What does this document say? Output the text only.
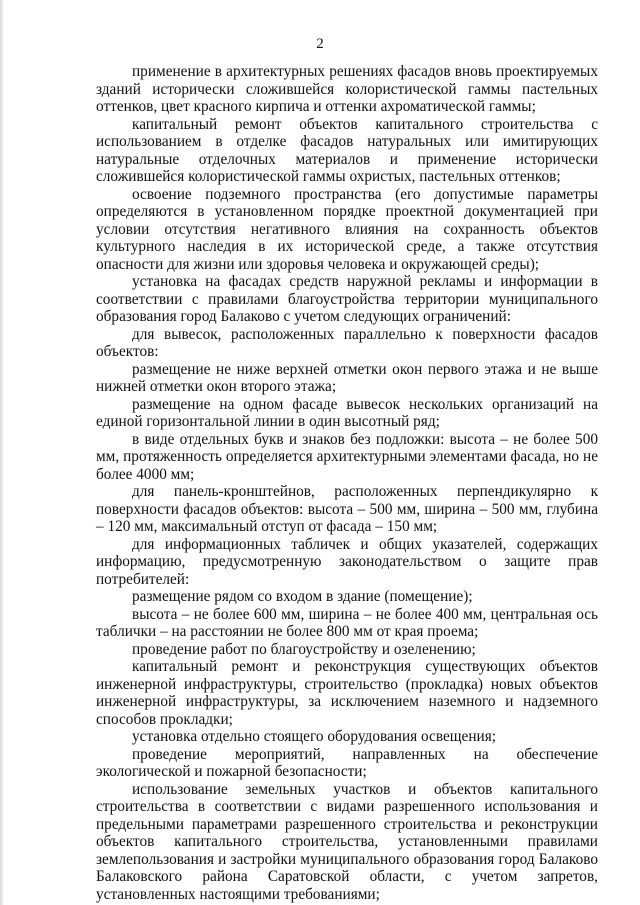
2

применение в архитектурных решениях фасадов вновь проектируемых зданий исторически сложившейся колористической гаммы пастельных оттенков, цвет красного кирпича и оттенки ахроматической гаммы;

капитальный ремонт объектов капитального строительства с использованием в отделке фасадов натуральных или имитирующих натуральные отделочных материалов и применение исторически сложившейся колористической гаммы охристых, пастельных оттенков;

освоение подземного пространства (его допустимые параметры определяются в установленном порядке проектной документацией при условии отсутствия негативного влияния на сохранность объектов культурного наследия в их исторической среде, а также отсутствия опасности для жизни или здоровья человека и окружающей среды);

установка на фасадах средств наружной рекламы и информации в соответствии с правилами благоустройства территории муниципального образования город Балаково с учетом следующих ограничений:

для вывесок, расположенных параллельно к поверхности фасадов объектов:

размещение не ниже верхней отметки окон первого этажа и не выше нижней отметки окон второго этажа;

размещение на одном фасаде вывесок нескольких организаций на единой горизонтальной линии в один высотный ряд;

в виде отдельных букв и знаков без подложки: высота – не более 500 мм, протяженность определяется архитектурными элементами фасада, но не более 4000 мм;

для панель-кронштейнов, расположенных перпендикулярно к поверхности фасадов объектов: высота – 500 мм, ширина – 500 мм, глубина – 120 мм, максимальный отступ от фасада – 150 мм;

для информационных табличек и общих указателей, содержащих информацию, предусмотренную законодательством о защите прав потребителей:

размещение рядом со входом в здание (помещение);

высота – не более 600 мм, ширина – не более 400 мм, центральная ось таблички – на расстоянии не более 800 мм от края проема;

проведение работ по благоустройству и озеленению;

капитальный ремонт и реконструкция существующих объектов инженерной инфраструктуры, строительство (прокладка) новых объектов инженерной инфраструктуры, за исключением наземного и надземного способов прокладки;

установка отдельно стоящего оборудования освещения;

проведение мероприятий, направленных на обеспечение экологической и пожарной безопасности;

использование земельных участков и объектов капитального строительства в соответствии с видами разрешенного использования и предельными параметрами разрешенного строительства и реконструкции объектов капитального строительства, установленными правилами землепользования и застройки муниципального образования город Балаково Балаковского района Саратовской области, с учетом запретов, установленных настоящими требованиями;
